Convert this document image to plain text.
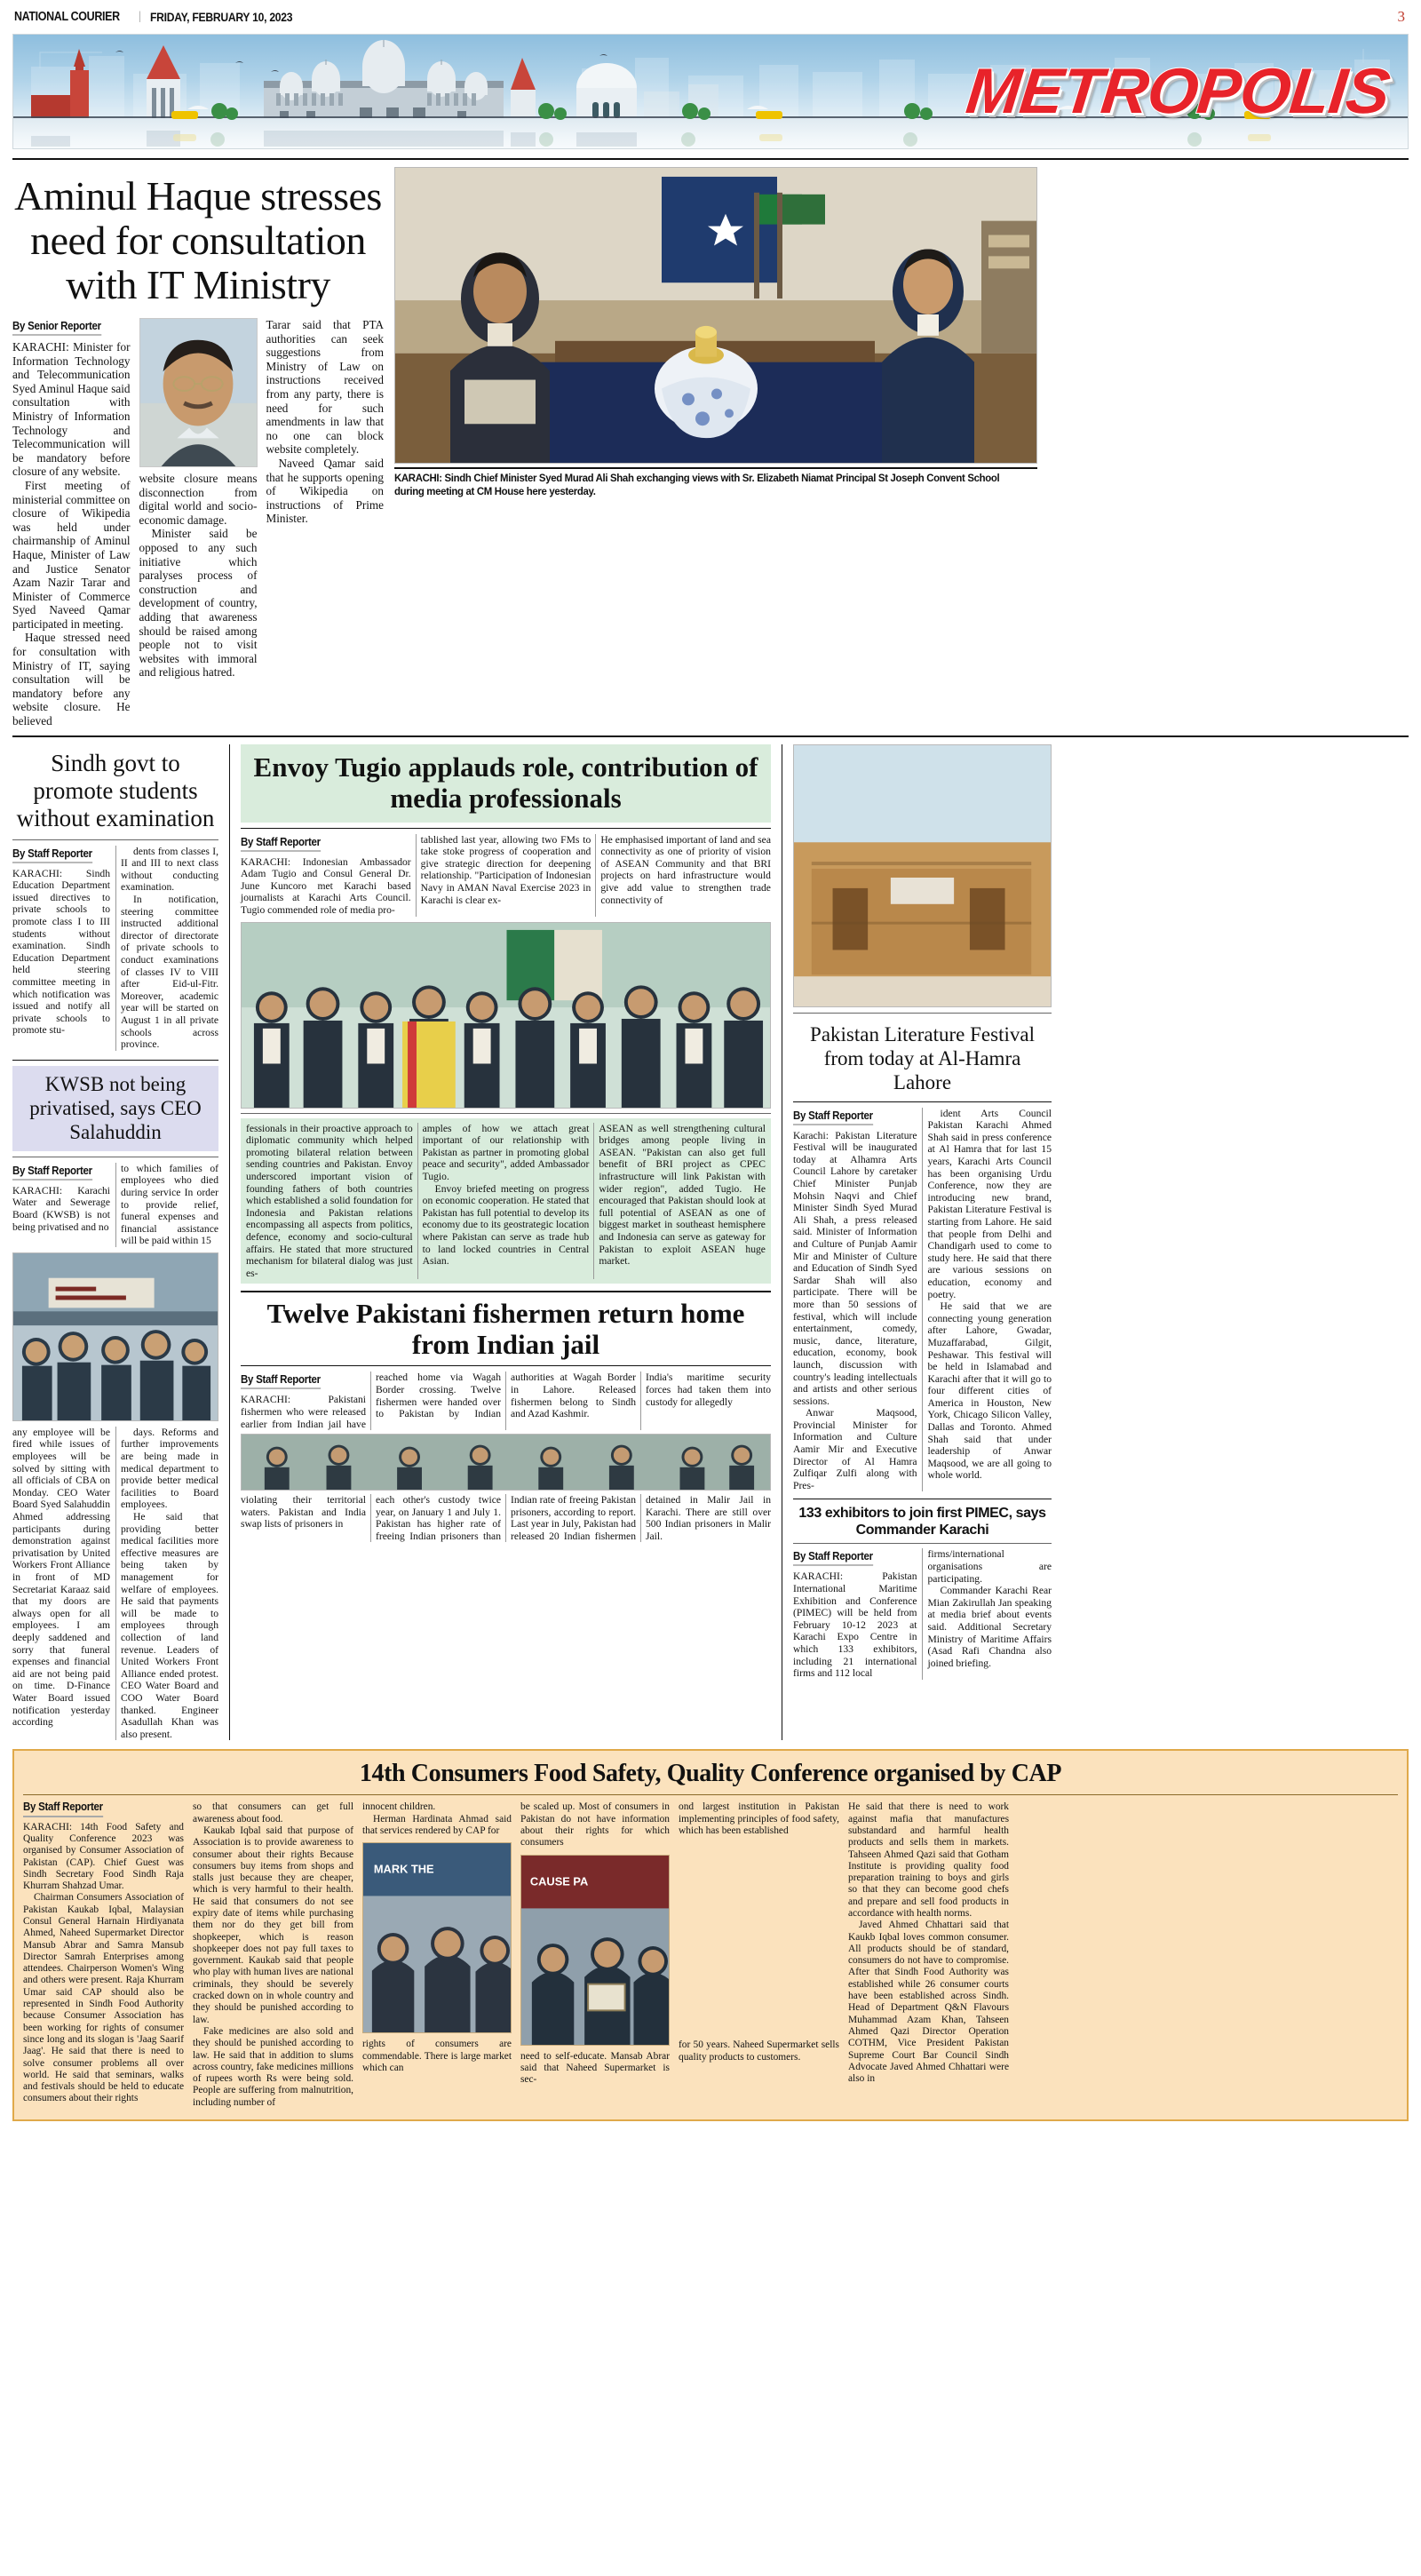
NATIONAL COURIER | FRIDAY, FEBRUARY 10, 2023	3
METROPOLIS
Aminul Haque stresses need for consultation with IT Ministry
By Senior Reporter

KARACHI: Minister for Information Technology and Telecommunication Syed Aminul Haque said consultation with Ministry of Information Technology and Telecommunication will be mandatory before closure of any website.

First meeting of ministerial committee on closure of Wikipedia was held under chairmanship of Aminul Haque, Minister of Law and Justice Senator Azam Nazir Tarar and Minister of Commerce Syed Naveed Qamar participated in meeting.

Haque stressed need for consultation with Ministry of IT, saying consultation will be mandatory before any website closure. He believed

website closure means disconnection from digital world and socio-economic damage.

Minister said be opposed to any such initiative which paralyses process of construction and development of country, adding that awareness should be raised among people not to visit websites with immoral and religious hatred.

Tarar said that PTA authorities can seek suggestions from Ministry of Law on instructions received from any party, there is need for such amendments in law that no one can block website completely.

Naveed Qamar said that he supports opening of Wikipedia on instructions of Prime Minister.

KARACHI: Sindh Chief Minister Syed Murad Ali Shah exchanging views with Sr. Elizabeth Niamat Principal St Joseph Convent School during meeting at CM House here yesterday.
Sindh govt to promote students without examination
By Staff Reporter

KARACHI: Sindh Education Department issued directives to private schools to promote class I to III students without examination. Sindh Education Department held steering committee meeting in which notification was issued and notify all private schools to promote stu-

dents from classes I, II and III to next class without conducting examination.

In notification, steering committee instructed additional director of directorate of private schools to conduct examinations of classes IV to VIII after Eid-ul-Fitr. Moreover, academic year will be started on August 1 in all private schools across province.

KWSB not being privatised, says CEO Salahuddin
By Staff Reporter

KARACHI: Karachi Water and Sewerage Board (KWSB) is not being privatised and no

to which families of employees who died during service In order to provide relief, funeral expenses and financial assistance will be paid within 15

any employee will be fired while issues of employees will be solved by sitting with all officials of CBA on Monday. CEO Water Board Syed Salahuddin Ahmed addressing participants during demonstration against privatisation by United Workers Front Alliance in front of MD Secretariat Karaaz said that my doors are always open for all employees. I am deeply saddened and sorry that funeral expenses and financial aid are not being paid on time. D-Finance Water Board issued notification yesterday according

days. Reforms and further improvements are being made in medical department to provide better medical facilities to Board employees.

He said that providing better medical facilities more effective measures are being taken by management for welfare of employees. He said that payments will be made to employees through collection of land revenue. Leaders of United Workers Front Alliance ended protest. CEO Water Board and COO Water Board thanked. Engineer Asadullah Khan was also present.

Envoy Tugio applauds role, contribution of media professionals
By Staff Reporter

KARACHI: Indonesian Ambassador Adam Tugio and Consul General Dr. June Kuncoro met Karachi based journalists at Karachi Arts Council. Tugio commended role of media pro-

tablished last year, allowing two FMs to take stoke progress of cooperation and give strategic direction for deepening relationship. "Participation of Indonesian Navy in AMAN Naval Exercise 2023 in Karachi is clear ex-

He emphasised important of land and sea connectivity as one of priority of vision of ASEAN Community and that BRI projects on hard infrastructure would give add value to strengthen trade connectivity of

fessionals in their proactive approach to diplomatic community which helped promoting bilateral relation between sending countries and Pakistan. Envoy underscored important vision of founding fathers of both countries which established a solid foundation for Indonesia and Pakistan relations encompassing all aspects from politics, defence, economy and socio-cultural affairs. He stated that more structured mechanism for bilateral dialog was just es-

amples of how we attach great important of our relationship with Pakistan as partner in promoting global peace and security", added Ambassador Tugio.

Envoy briefed meeting on progress on economic cooperation. He stated that Pakistan has full potential to develop its economy due to its geostrategic location where Pakistan can serve as trade hub to land locked countries in Central Asian.

ASEAN as well strengthening cultural bridges among people living in ASEAN. "Pakistan can also get full benefit of BRI project as CPEC infrastructure will link Pakistan with wider region", added Tugio. He encouraged that Pakistan should look at full potential of ASEAN as one of biggest market in southeast hemisphere and Indonesia can serve as gateway for Pakistan to exploit ASEAN huge market.

Twelve Pakistani fishermen return home from Indian jail
By Staff Reporter

KARACHI: Pakistani fishermen who were released earlier from Indian jail have reached home via Wagah Border crossing. Twelve fishermen were handed over to Pakistan by Indian authorities at Wagah Border in Lahore. Released fishermen belong to Sindh and Azad Kashmir.

India's maritime security forces had taken them into custody for allegedly

violating their territorial waters. Pakistan and India swap lists of prisoners in

each other's custody twice year, on January 1 and July 1. Pakistan has higher rate of freeing Indian prisoners than Indian rate of freeing Pakistan prisoners, according to report. Last year in July, Pakistan had released 20 Indian fishermen detained in Malir Jail in Karachi. There are still over 500 Indian prisoners in Malir Jail.

Pakistan Literature Festival from today at Al-Hamra Lahore
By Staff Reporter

Karachi: Pakistan Literature Festival will be inaugurated today at Alhamra Arts Council Lahore by caretaker Chief Minister Punjab Mohsin Naqvi and Chief Minister Sindh Syed Murad Ali Shah, a press released said. Minister of Information and Culture of Punjab Aamir Mir and Minister of Culture and Education of Sindh Syed Sardar Shah will also participate. There will be more than 50 sessions of festival, which will include entertainment, comedy, music, dance, literature, education, economy, book launch, discussion with country's leading intellectuals and artists and other serious sessions.

Anwar Maqsood, Provincial Minister for Information and Culture Aamir Mir and Executive Director of Al Hamra Zulfiqar Zulfi along with Pres-

ident Arts Council Pakistan Karachi Ahmed Shah said in press conference at Al Hamra that for last 15 years, Karachi Arts Council has been organising Urdu Conference, now they are introducing new brand, Pakistan Literature Festival is starting from Lahore. He said that people from Delhi and Chandigarh used to come to study here. He said that there are various sessions on education, economy and poetry.

He said that we are connecting young generation after Lahore, Gwadar, Muzaffarabad, Gilgit, Peshawar. This festival will be held in Islamabad and Karachi after that it will go to four different cities of America in Houston, New York, Chicago Silicon Valley, Dallas and Toronto. Ahmed Shah said that under leadership of Anwar Maqsood, we are all going to whole world.

133 exhibitors to join first PIMEC, says Commander Karachi
By Staff Reporter

KARACHI: Pakistan International Maritime Exhibition and Conference (PIMEC) will be held from February 10-12 2023 at Karachi Expo Centre in which 133 exhibitors, including 21 international firms and 112 local

firms/international organisations are participating.

Commander Karachi Rear Mian Zakirullah Jan speaking at media brief about events said. Additional Secretary Ministry of Maritime Affairs (Asad Rafi Chandna also joined briefing.

14th Consumers Food Safety, Quality Conference organised by CAP
By Staff Reporter

KARACHI: 14th Food Safety and Quality Conference 2023 was organised by Consumer Association of Pakistan (CAP). Chief Guest was Sindh Secretary Food Sindh Raja Khurram Shahzad Umar.

Chairman Consumers Association of Pakistan Kaukab Iqbal, Malaysian Consul General Harnain Hirdiyanata Ahmed, Naheed Supermarket Director Mansub Abrar and Samra Mansub Director Samrah Enterprises among attendees. Chairperson Women's Wing and others were present. Raja Khurram Umar said CAP should also be represented in Sindh Food Authority because Consumer Association has been working for rights of consumer since long and its slogan is 'Jaag Saarif Jaag'. He said that there is need to solve consumer problems all over world. He said that seminars, walks and festivals should be held to educate consumers about their rights

so that consumers can get full awareness about food.

Kaukab Iqbal said that purpose of Association is to provide awareness to consumer about their rights Because consumers buy items from shops and stalls just because they are cheaper, which is very harmful to their health. He said that consumers do not see expiry date of items while purchasing them nor do they get bill from shopkeeper, which is reason shopkeeper does not pay full taxes to government. Kaukab said that people who play with human lives are national criminals, they should be severely cracked down on in whole country and they should be punished according to law.

Fake medicines are also sold and they should be punished according to law. He said that in addition to slums across country, fake medicines millions of rupees worth Rs were being sold. People are suffering from malnutrition, including number of

innocent children.

Herman Hardinata Ahmad said that services rendered by CAP for

MARK THE

rights of consumers are commendable. There is large market which can

be scaled up. Most of consumers in Pakistan do not have information about their rights for which consumers

CAUSE PA

need to self-educate. Mansab Abrar said that Naheed Supermarket is sec-

ond largest institution in Pakistan implementing principles of food safety, which has been established

for 50 years. Naheed Supermarket sells quality products to customers.

He said that there is need to work against mafia that manufactures substandard and harmful health products and sells them in markets. Tahseen Ahmed Qazi said that Gotham Institute is providing quality food preparation training to boys and girls so that they can become good chefs and prepare and sell food products in accordance with health norms.

Javed Ahmed Chhattari said that Kaukb Iqbal loves common consumer. All products should be of standard, consumers do not have to compromise. After that Sindh Food Authority was established while 26 consumer courts have been established across Sindh. Head of Department Q&N Flavours Muhammad Azam Khan, Tahseen Ahmed Qazi Director Operation COTHM, Vice President Pakistan Supreme Court Bar Council Sindh Advocate Javed Ahmed Chhattari were also in
